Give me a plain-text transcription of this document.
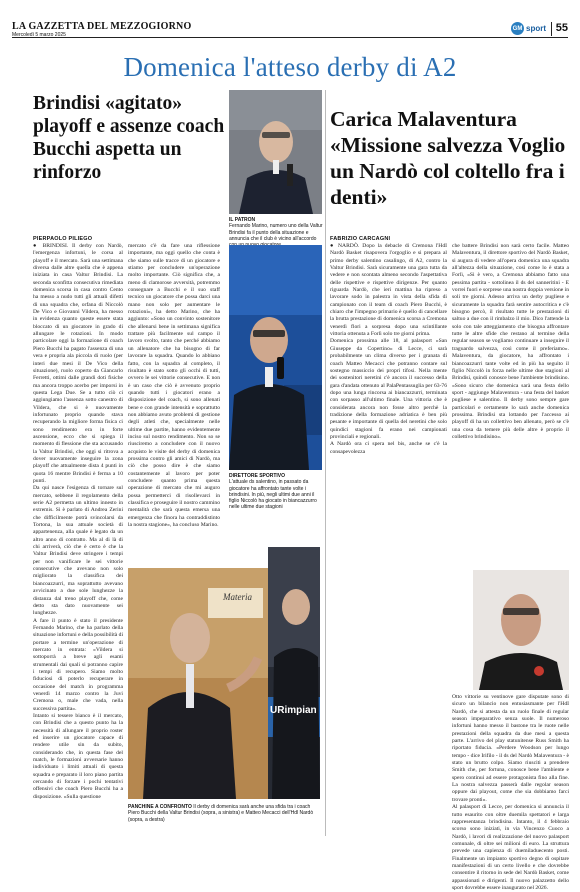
LA GAZZETTA DEL MEZZOGIORNO
Mercoledì 5 marzo 2025
GM sport 55
Domenica l'atteso derby di A2
Brindisi «agitato» playoff e assenze coach Bucchi aspetta un rinforzo
PIERPAOLO PILIEGO

● BRINDISI. Il derby con Nardò, l'emergenza infortuni, le corsa al playoff e il mercato. Sarà una settimana diversa dalle altre quella che è appena iniziata in casa Valtur Brindisi. La seconda sconfitta consecutiva rimediata domenica scorsa in casa contro Cento ha messo a nudo tutti gli attuali difetti di una squadra che, orfana di Niccolò De Vico e Giovanni Vildera, ha messo in evidenza quanto queste essere stata bloccato di un giocatore in grado di allungare le rotazioni. In modo particolare oggi la formazione di coach Piero Bucchi ha pagato l'assenza di una vera e propria ala piccola di ruolo (per interi due mesi il De Vico della situazione), ruolo coperto da Giancarlo Ferretti, ottimi dalle grandi doti fisiche ma ancora troppo acerbo per imporsi in questa Lega Due. Se a tutto ciò ci aggiungiamo l'assenza sotto canestro di Vildera, che si è nuovamente infortunato proprio quando stava recuperando la migliore forma fisica ci sono rendimento era in forte ascensione, ecco che si spiega il momento di flessione che sta accusando la Valtur Brindisi, che oggi si ritrova a dover nuovamente inseguire la zona playoff che attualmente dista 4 punti in quota 16 mentre Brindisi è ferma a 10 punti.

Da qui nasce l'esigenza di tornare sul mercato, sebbene il regolamento della serie A2 permetta un ultimo innesto in extremis. Si è parlato di Andrea Zerini che difficilmente potrà svincolarsi da Tortona, la sua attuale società di appartenenza, alla quale è legato da un altro anno di contratto. Ma al di là di chi arriverà, ciò che è certo è che la Valtur Brindisi deve stringere i tempi per non vanificare le sei vittorie consecutive che avevano non solo migliorato la classifica dei biancoazzurri, ma soprattutto avevano avvicinato a due sole lunghezze la distanza dal treno playoff che, come detto sta dato nuovamente sei lunghezze.

A fare il punto è stato il presidente Fernando Marino, che ha parlato della situazione infortuni e della possibilità di portare a termine un'operazione di mercato in entrata: «Vildera si sottoporrà a breve agli esami strumentali dai quali si potranno capire i tempi di recupero. Siamo molto fiduciosi di poterlo recuperare in occasione del match in programma venerdì 14 marzo contro la Juvi Cremona o, male che vada, nella successiva partita».

Intanto si tessere bianco è il mercato, con Brindisi che a questo punto ha la necessità di allungare il proprio roster ed inserire un giocatore capace di rendere utile sin da subito, considerando che, in questa fase del match, le formazioni avversarie hanno individuato i limiti attuali di questa squadra e preparato il loro piano partita cercando di forzare i pochi tentativi offensivi che coach Piero Bucchi ha a disposizione. «Sulla questione

mercato c'è da fare una riflessione importante, ma oggi quello che conta è che siamo sulle tracce di un giocatore e stiamo per concludere un'operazione molto importante. Ciò significa che, a meno di clamorose avversità, potremmo consegnare a Bucchi e il suo staff tecnico un giocatore che possa darci una mano non solo per aumentare le rotazioni», ha detto Marino, che ha aggiunto: «Sono un convinto sostenitore che allenarsi bene in settimana significa trattare più facilmente sul campo il lavoro svolto, tanto che perché abbiamo un allenatore che ha bisogno di far lavorare la squadra. Quando lo abbiano fatto, con la squadra al completo, il risultato è stato sotto gli occhi di tutti, ovvero le sei vittorie consecutive. E non è un caso che ciò è avvenuto proprio quando tutti i giocatori erano a disposizione del coach, si sono allenati bene e con grande intensità e soprattutto non abbiamo avuto problemi di gestione degli atleti che, specialmente nelle ultime due partite, hanno evidentemente inciso sul nostro rendimento. Non so se riusciremo a concludere con il nuovo acquisto le visite del derby di domenica prossima contro gli amici di Nardò, ma ciò che posso dire è che siamo costantemente al lavoro per poter concludere quanto prima questa operazione di mercato che mi auguro possa permetterci di risollevarci in classifica e proseguire il nostro cammino mentalità che sarà questa emersa una emergenza che finora ha contraddistinto la nostra stagione», ha concluso Marino.

IL PATRON
Fernando Marino, numero uno della Valtur Brindisi fa il punto della situazione e annuncia che il club è vicino all'accordo
DIRETTORE SPORTIVO
L'attuale ds salentino, in passato da giocatore ha affrontato tante volte i brindisini. In più, negli ultimi due anni il figlio Niccolò ha giocato in biancazzurro nelle ultime due stagioni
Materia
URimpian
PANCHINE A CONFRONTO Il derby di domenica sarà anche una sfida tra i coach Piero Bucchi della Valtur Brindisi (sopra, a sinistra) e Matteo Mecacci dell'Hdl Nardò (sopra, a destra)
Carica Malaventura «Missione salvezza Voglio un Nardò col coltello fra i denti»
FABRIZIO CARCAGNI

● NARDÒ. Dopo la debacle di Cremona l'HdI Nardò Basket risapovera l'orgoglio e si prepara al primo derby salentino casalingo, di A2, contro la Valtur Brindisi. Sarà sicuramente una gara tutta da vedere e non scontata almeno secondo l'aspettativa delle rispettive e rispettive dirigenze. Per quanto riguarda Nardò, che ieri mattina ha ripreso a lavorare sodo in palestra in vista della sfida di campionato con il team di coach Piero Bucchi, è chiaro che l'impegno primario è quello di cancellare la brutta prestazione di domenica scorsa a Cremona venerdì flori a sorpresa dopo una scintillante vittoria ottenuta a Forlì solo tre giorni prima.

Domenica prossima alle 18, al palasport «San Giuseppe da Copertino» di Lecce, ci sarà probabilmente un clima diverso per i granata di coach Matteo Mecacci che potranno contare sul sostegno massiccio dei propri tifosi. Nella mente dei sostenitori neretini c'è ancora il successo della gara d'andata ottenuto al PalaPentassuglia per 63-76 dopo una lunga rincorsa ai biancazzurri, terminata con sorpasso all'ultimo finale. Una vittoria che è considerata ancora non fosse altro perchè la tradizione della formazione adriatica è ben più pesante e importante di quella del neretini che solo quindici stagioni fa erano nei campionati provinciali e regionali.

A Nardò ora ci spera nel bis, anche se c'è la consapevolezza

che battere Brindisi non sarà certo facile. Matteo Malaventura, il direttore sportivo del Nardò Basket, si augura di vedere all'opera domenica una squadra all'altezza della situazione, così come lo è stata a Forlì, «Si è vero, a Cremona abbiamo fatto una pessima partita - sottolinea il ds del sanneritini - E vorrei fuori e sorprese una nostra doppia versione in soli tre giorni. Adesso arriva un derby pugliese e sicuramente la squadra farà sentire autocritica e c'è bisogno percò, il risultato tutte le prestazioni di saltuo a due con il rimbalzo il mio. Dico l'attende la solo con tale atteggiamento che bisogna affrontare tutte le altre sfide che restano al termine della regular season se vogliamo continuare a inseguire il traguardo salvezza, così come il preferiamo». Malaventura, da giocatore, ha affrontato i biancoazzurri tante volte ed in più ha seguito il figlio Niccolò in forza nelle ultime due stagioni al Brindisi, quindi conosce bene l'ambiente brindisino. «Sono sicuro che domenica sarà una festa dello sport - aggiunge Malaventura - una festa del basket pugliese e salentino. Il derby sono sempre gare particolari e certamente lo sarà anche domenica prossima. Brindisi sta lottando per l'accesso ai playoff di ha un collettivo ben allenato, però se c'è una cosa da temere più delle altre è proprio il collettivo brindisino».

Otto vittorie su ventinove gare disputate sono di sicuro un bilancio non entusiasmante per l'HdI Nardò, che si attesta da un ruolo finale di regular season impeparativo senza suole. Il numeroso infortuni hanno messo il bastone tra le ruote nelle prestazioni della squadra da due mesi a questa parte. L'arrivo del play statunitense Russ Smith ha riportato fiducia. «Perdere Woodson per lungo tempo - dice Irifilo - il ds del Nardò Malaventura - è stato un brutto colpo. Siamo riusciti a prendere Smith che, per fortuna, conosce bene l'ambiente e spero continui ad essere protagonista fino alla fine. La nostra salvezza passerà dalle regolar season oppure dai playout, come che sia dobbiamo farci trovare pronti».

Al palasport di Lecce, per domenica si annuncia il tutto esaurito con oltre duemila spettatori e larga rappresentanza brindisina. Intanto, il 4 febbraio scorso sono iniziati, in via Vincenzo Cuoco a Nardò, i lavori di realizzazione del nuovo palasport comunale, di oltre sei milioni di euro. La struttura prevede una capienza di duemiladuecento posti. Finalmente un impianto sportivo degno di ospitare manifestazioni di un certo livello e che dovrebbe consentire il ritorno in sede del Nardò Basket, come appassionati e dirigenti. Il nuovo palazzetto dello sport dovrebbe essere inaugurato nel 2026.
